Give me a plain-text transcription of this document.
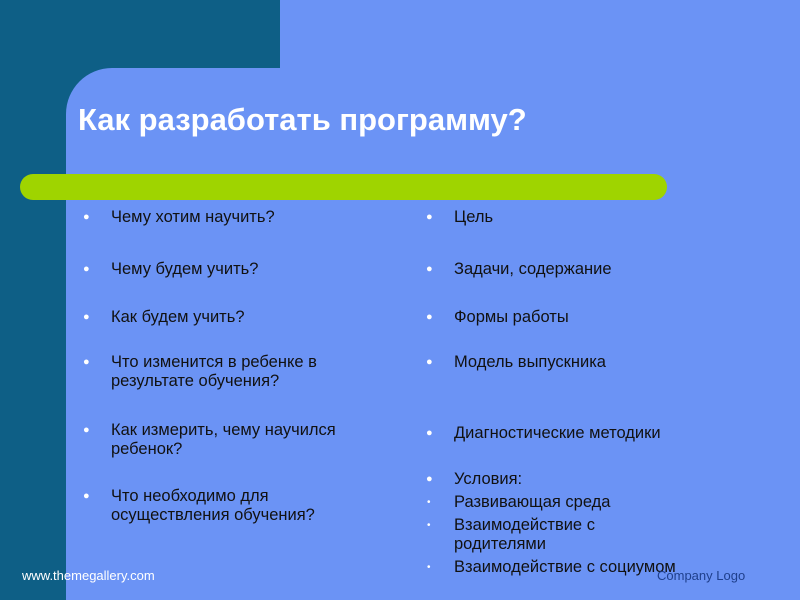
Как разработать программу?
● Чему хотим научить?
● Чему будем учить?
● Как будем учить?
● Что изменится в ребенке в результате обучения?
● Как измерить, чему научился ребенок?
● Что необходимо для осуществления обучения?
● Цель
● Задачи, содержание
● Формы работы
● Модель выпускника
● Диагностические методики
● Условия:
• Развивающая среда
• Взаимодействие с родителями
• Взаимодействие с социумом
www.themegallery.com	Company Logo
